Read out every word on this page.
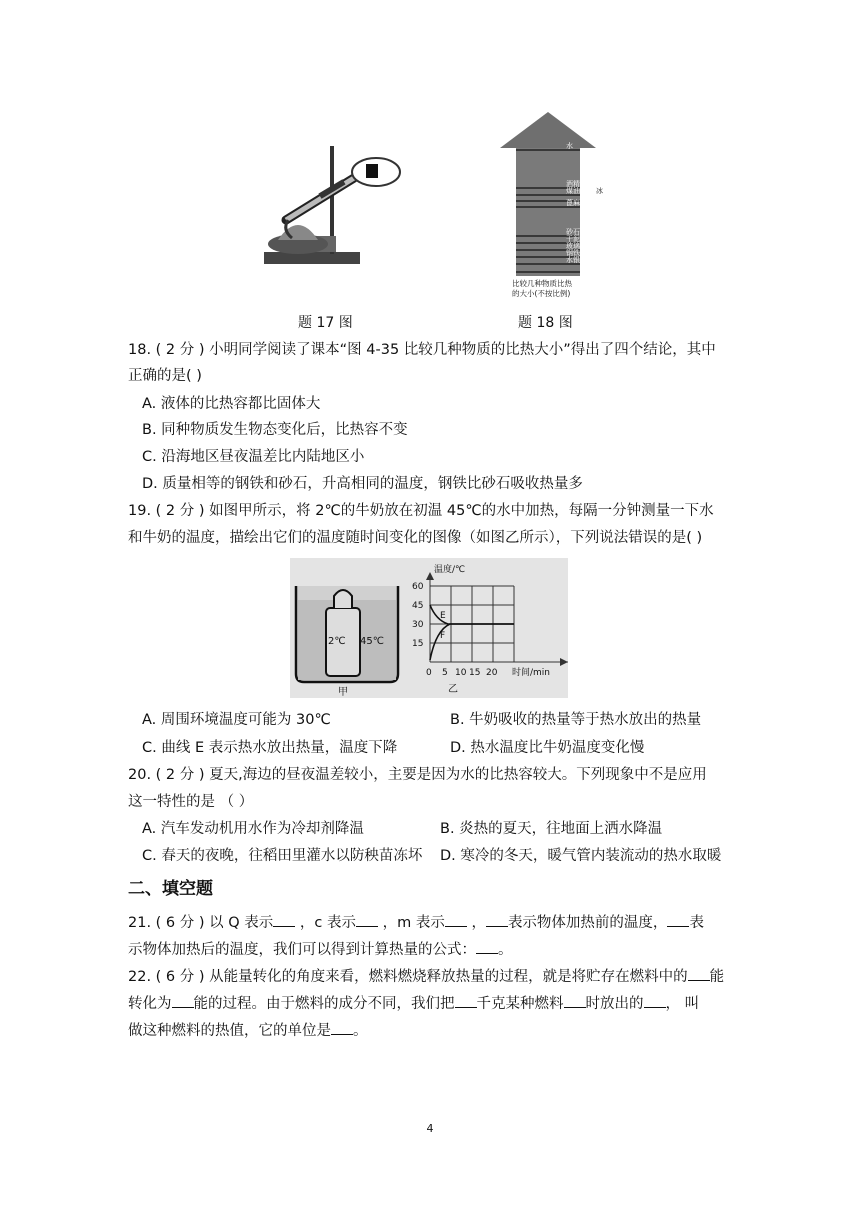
题 17 图
水
酒精
煤油 冰
蓖麻油
砂石
干泥土
玻璃
钢铁
水银
比较几种物质比热
的大小(不按比例)
题 18 图
18. ( 2 分 ) 小明同学阅读了课本“图 4-35 比较几种物质的比热大小”得出了四个结论，其中
正确的是( )
A. 液体的比热容都比固体大
B. 同种物质发生物态变化后，比热容不变
C. 沿海地区昼夜温差比内陆地区小
D. 质量相等的钢铁和砂石，升高相同的温度，钢铁比砂石吸收热量多
19. ( 2 分 ) 如图甲所示，将 2℃的牛奶放在初温 45℃的水中加热，每隔一分钟测量一下水
和牛奶的温度，描绘出它们的温度随时间变化的图像（如图乙所示），下列说法错误的是( )
2℃ 45℃
甲
温度/℃
60
45
30
15
0 5 10 15 20 时间/min
E
F
乙
A. 周围环境温度可能为 30℃	B. 牛奶吸收的热量等于热水放出的热量
C. 曲线 E 表示热水放出热量，温度下降	D. 热水温度比牛奶温度变化慢
20. ( 2 分 ) 夏天,海边的昼夜温差较小，主要是因为水的比热容较大。下列现象中不是应用
这一特性的是 （ ）
A. 汽车发动机用水作为冷却剂降温	B. 炎热的夏天，往地面上洒水降温
C. 春天的夜晚，往稻田里灌水以防秧苗冻坏 D. 寒冷的冬天，暖气管内装流动的热水取暖
二、填空题
21. ( 6 分 ) 以 Q 表示 ，c 表示 ，m 表示 ， 表示物体加热前的温度， 表
示物体加热后的温度，我们可以得到计算热量的公式： 。
22. ( 6 分 ) 从能量转化的角度来看，燃料燃烧释放热量的过程，就是将贮存在燃料中的 能
转化为 能的过程。由于燃料的成分不同，我们把 千克某种燃料 时放出的 ， 叫
做这种燃料的热值，它的单位是 。
4
